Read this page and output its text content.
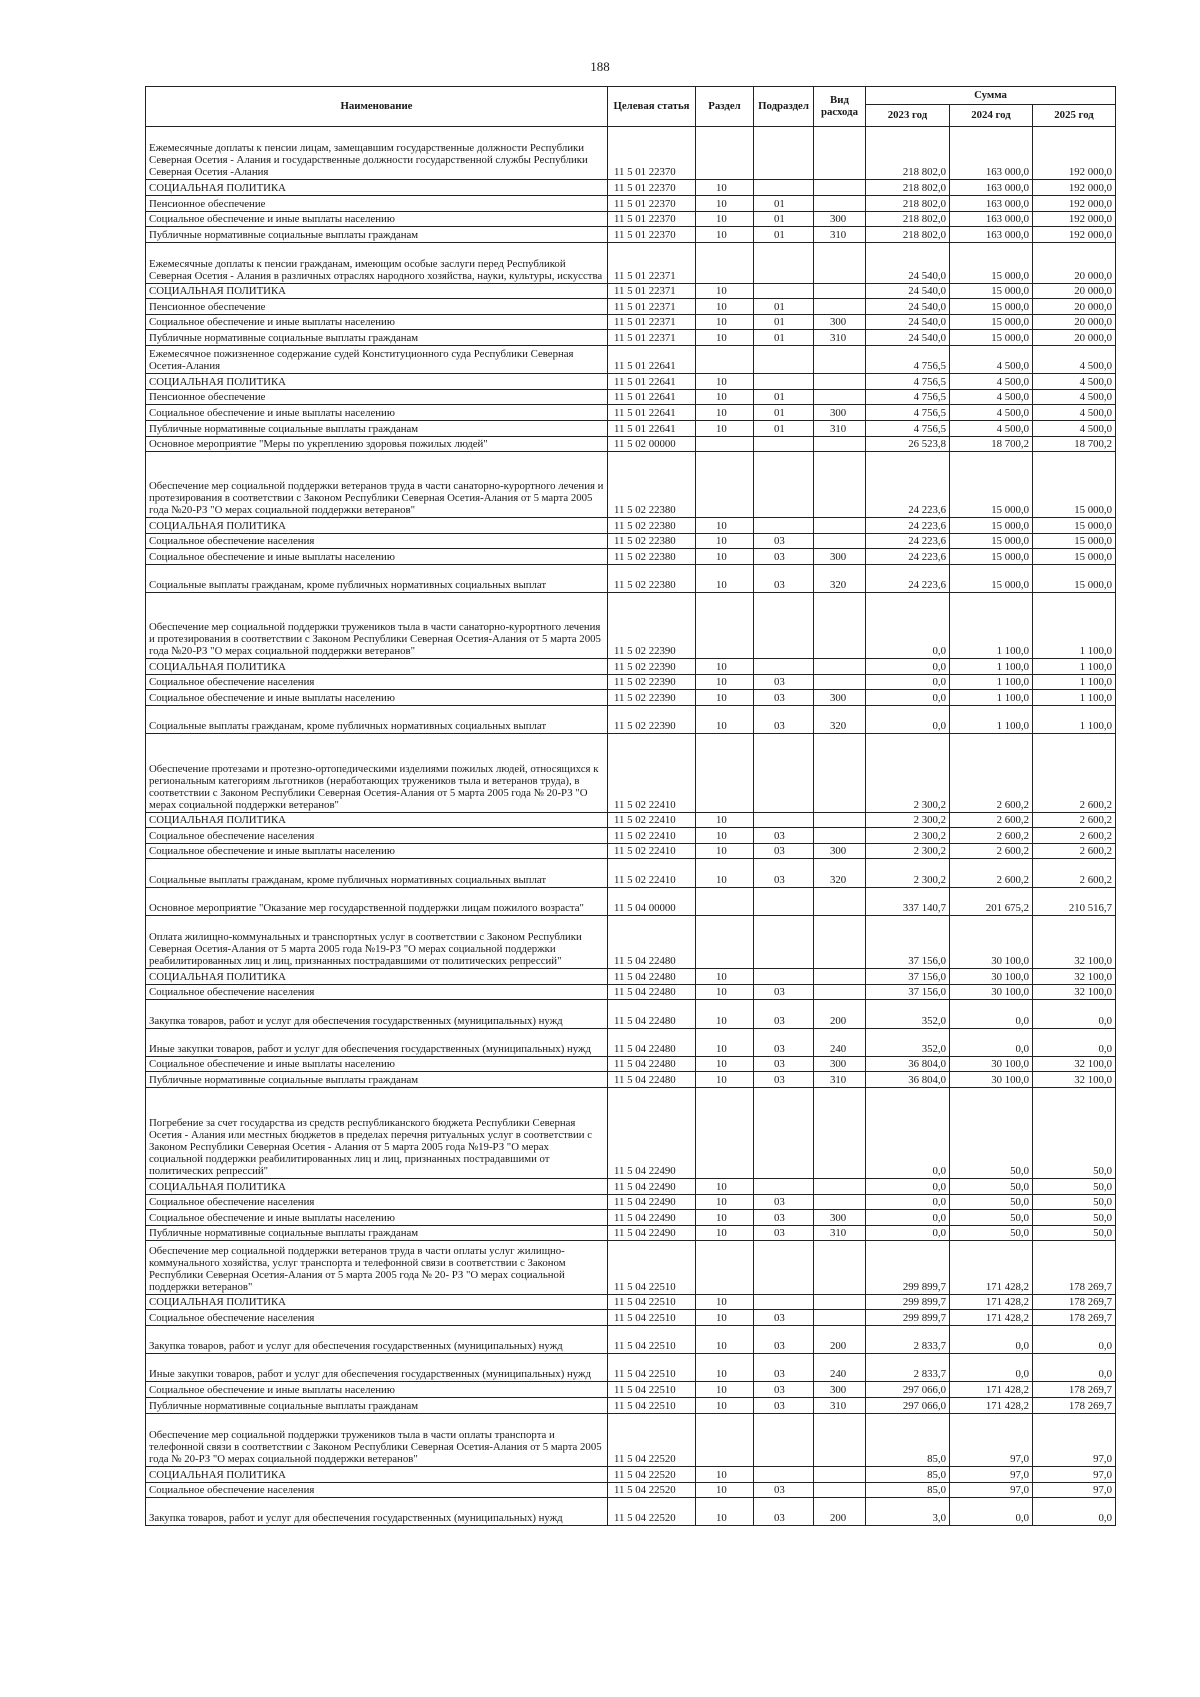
188
Наименование	Целевая статья	Раздел	Подраздел	Вид расхода	Сумма		
					2023 год	2024 год	2025 год
Ежемесячные доплаты к пенсии лицам, замещавшим государственные должности Республики Северная Осетия - Алания и государственные должности государственной службы Республики Северная Осетия -Алания	11 5 01 22370				218 802,0	163 000,0	192 000,0
СОЦИАЛЬНАЯ ПОЛИТИКА	11 5 01 22370	10			218 802,0	163 000,0	192 000,0
Пенсионное обеспечение	11 5 01 22370	10	01		218 802,0	163 000,0	192 000,0
Социальное обеспечение и иные выплаты населению	11 5 01 22370	10	01	300	218 802,0	163 000,0	192 000,0
Публичные нормативные социальные выплаты гражданам	11 5 01 22370	10	01	310	218 802,0	163 000,0	192 000,0
Ежемесячные доплаты к пенсии гражданам, имеющим особые заслуги перед Республикой Северная Осетия - Алания в различных отраслях народного хозяйства, науки, культуры, искусства	11 5 01 22371				24 540,0	15 000,0	20 000,0
СОЦИАЛЬНАЯ ПОЛИТИКА	11 5 01 22371	10			24 540,0	15 000,0	20 000,0
Пенсионное обеспечение	11 5 01 22371	10	01		24 540,0	15 000,0	20 000,0
Социальное обеспечение и иные выплаты населению	11 5 01 22371	10	01	300	24 540,0	15 000,0	20 000,0
Публичные нормативные социальные выплаты гражданам	11 5 01 22371	10	01	310	24 540,0	15 000,0	20 000,0
Ежемесячное пожизненное содержание судей Конституционного суда Республики Северная Осетия-Алания	11 5 01 22641				4 756,5	4 500,0	4 500,0
СОЦИАЛЬНАЯ ПОЛИТИКА	11 5 01 22641	10			4 756,5	4 500,0	4 500,0
Пенсионное обеспечение	11 5 01 22641	10	01		4 756,5	4 500,0	4 500,0
Социальное обеспечение и иные выплаты населению	11 5 01 22641	10	01	300	4 756,5	4 500,0	4 500,0
Публичные нормативные социальные выплаты гражданам	11 5 01 22641	10	01	310	4 756,5	4 500,0	4 500,0
Основное мероприятие "Меры по укреплению здоровья пожилых людей"	11 5 02 00000				26 523,8	18 700,2	18 700,2
Обеспечение мер социальной поддержки ветеранов труда в части санаторно-курортного лечения и протезирования в соответствии с Законом Республики Северная Осетия-Алания от 5 марта 2005 года №20-РЗ "О мерах социальной поддержки ветеранов"	11 5 02 22380				24 223,6	15 000,0	15 000,0
СОЦИАЛЬНАЯ ПОЛИТИКА	11 5 02 22380	10			24 223,6	15 000,0	15 000,0
Социальное обеспечение населения	11 5 02 22380	10	03		24 223,6	15 000,0	15 000,0
Социальное обеспечение и иные выплаты населению	11 5 02 22380	10	03	300	24 223,6	15 000,0	15 000,0
Социальные выплаты гражданам, кроме публичных нормативных социальных выплат	11 5 02 22380	10	03	320	24 223,6	15 000,0	15 000,0
Обеспечение мер социальной поддержки тружеников тыла в части санаторно-курортного лечения и протезирования в соответствии с Законом Республики Северная Осетия-Алания от 5 марта 2005 года №20-РЗ "О мерах социальной поддержки ветеранов"	11 5 02 22390				0,0	1 100,0	1 100,0
СОЦИАЛЬНАЯ ПОЛИТИКА	11 5 02 22390	10			0,0	1 100,0	1 100,0
Социальное обеспечение населения	11 5 02 22390	10	03		0,0	1 100,0	1 100,0
Социальное обеспечение и иные выплаты населению	11 5 02 22390	10	03	300	0,0	1 100,0	1 100,0
Социальные выплаты гражданам, кроме публичных нормативных социальных выплат	11 5 02 22390	10	03	320	0,0	1 100,0	1 100,0
Обеспечение протезами и протезно-ортопедическими изделиями пожилых людей, относящихся к региональным категориям льготников (неработающих тружеников тыла и ветеранов труда), в соответствии с Законом Республики Северная Осетия-Алания от 5 марта 2005 года № 20-РЗ "О мерах социальной поддержки ветеранов"	11 5 02 22410				2 300,2	2 600,2	2 600,2
СОЦИАЛЬНАЯ ПОЛИТИКА	11 5 02 22410	10			2 300,2	2 600,2	2 600,2
Социальное обеспечение населения	11 5 02 22410	10	03		2 300,2	2 600,2	2 600,2
Социальное обеспечение и иные выплаты населению	11 5 02 22410	10	03	300	2 300,2	2 600,2	2 600,2
Социальные выплаты гражданам, кроме публичных нормативных социальных выплат	11 5 02 22410	10	03	320	2 300,2	2 600,2	2 600,2
Основное мероприятие "Оказание мер государственной поддержки лицам пожилого возраста"	11 5 04 00000				337 140,7	201 675,2	210 516,7
Оплата жилищно-коммунальных и транспортных услуг в соответствии с Законом Республики Северная Осетия-Алания от 5 марта 2005 года №19-РЗ "О мерах социальной поддержки реабилитированных лиц и лиц, признанных пострадавшими от политических репрессий"	11 5 04 22480				37 156,0	30 100,0	32 100,0
СОЦИАЛЬНАЯ ПОЛИТИКА	11 5 04 22480	10			37 156,0	30 100,0	32 100,0
Социальное обеспечение населения	11 5 04 22480	10	03		37 156,0	30 100,0	32 100,0
Закупка товаров, работ и услуг для обеспечения государственных (муниципальных) нужд	11 5 04 22480	10	03	200	352,0	0,0	0,0
Иные закупки товаров, работ и услуг для обеспечения государственных (муниципальных) нужд	11 5 04 22480	10	03	240	352,0	0,0	0,0
Социальное обеспечение и иные выплаты населению	11 5 04 22480	10	03	300	36 804,0	30 100,0	32 100,0
Публичные нормативные социальные выплаты гражданам	11 5 04 22480	10	03	310	36 804,0	30 100,0	32 100,0
Погребение за счет государства из средств республиканского бюджета Республики Северная Осетия - Алания или местных бюджетов в пределах перечня ритуальных услуг в соответствии с Законом Республики Северная Осетия - Алания от 5 марта 2005 года №19-РЗ "О мерах социальной поддержки реабилитированных лиц и лиц, признанных пострадавшими от политических репрессий"	11 5 04 22490				0,0	50,0	50,0
СОЦИАЛЬНАЯ ПОЛИТИКА	11 5 04 22490	10			0,0	50,0	50,0
Социальное обеспечение населения	11 5 04 22490	10	03		0,0	50,0	50,0
Социальное обеспечение и иные выплаты населению	11 5 04 22490	10	03	300	0,0	50,0	50,0
Публичные нормативные социальные выплаты гражданам	11 5 04 22490	10	03	310	0,0	50,0	50,0
Обеспечение мер социальной поддержки ветеранов труда в части оплаты услуг жилищно-коммунального хозяйства, услуг транспорта и телефонной связи в соответствии с Законом Республики Северная Осетия-Алания от 5 марта 2005 года № 20- РЗ "О мерах социальной поддержки ветеранов"	11 5 04 22510				299 899,7	171 428,2	178 269,7
СОЦИАЛЬНАЯ ПОЛИТИКА	11 5 04 22510	10			299 899,7	171 428,2	178 269,7
Социальное обеспечение населения	11 5 04 22510	10	03		299 899,7	171 428,2	178 269,7
Закупка товаров, работ и услуг для обеспечения государственных (муниципальных) нужд	11 5 04 22510	10	03	200	2 833,7	0,0	0,0
Иные закупки товаров, работ и услуг для обеспечения государственных (муниципальных) нужд	11 5 04 22510	10	03	240	2 833,7	0,0	0,0
Социальное обеспечение и иные выплаты населению	11 5 04 22510	10	03	300	297 066,0	171 428,2	178 269,7
Публичные нормативные социальные выплаты гражданам	11 5 04 22510	10	03	310	297 066,0	171 428,2	178 269,7
Обеспечение мер социальной поддержки тружеников тыла в части оплаты транспорта и телефонной связи в соответствии с Законом Республики Северная Осетия-Алания от 5 марта 2005 года № 20-РЗ "О мерах социальной поддержки ветеранов"	11 5 04 22520				85,0	97,0	97,0
СОЦИАЛЬНАЯ ПОЛИТИКА	11 5 04 22520	10			85,0	97,0	97,0
Социальное обеспечение населения	11 5 04 22520	10	03		85,0	97,0	97,0
Закупка товаров, работ и услуг для обеспечения государственных (муниципальных) нужд	11 5 04 22520	10	03	200	3,0	0,0	0,0
